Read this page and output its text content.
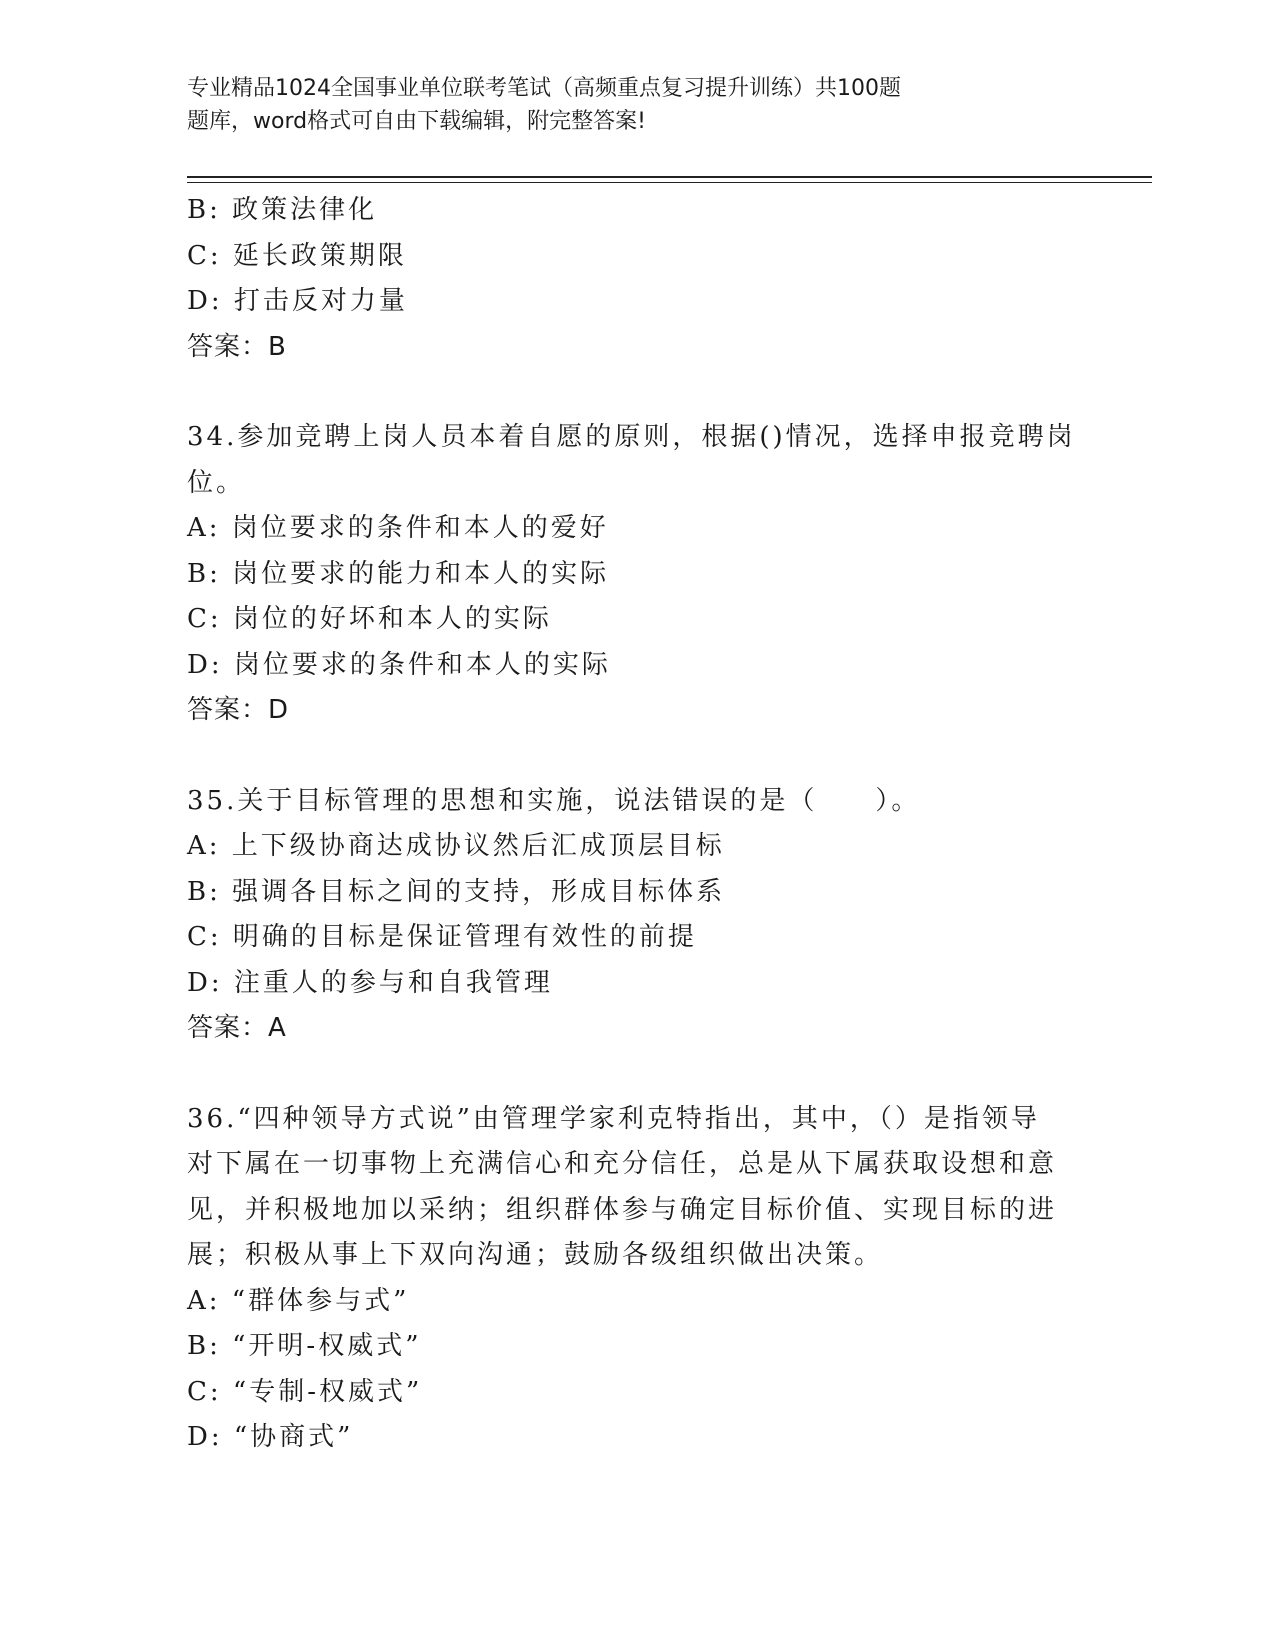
专业精品1024全国事业单位联考笔试（高频重点复习提升训练）共100题
题库，word格式可自由下载编辑，附完整答案!
B: 政策法律化
C: 延长政策期限
D: 打击反对力量
答案：B
34.参加竞聘上岗人员本着自愿的原则，根据()情况，选择申报竞聘岗
位。
A: 岗位要求的条件和本人的爱好
B: 岗位要求的能力和本人的实际
C: 岗位的好坏和本人的实际
D: 岗位要求的条件和本人的实际
答案：D
35.关于目标管理的思想和实施，说法错误的是（　　）。
A: 上下级协商达成协议然后汇成顶层目标
B: 强调各目标之间的支持，形成目标体系
C: 明确的目标是保证管理有效性的前提
D: 注重人的参与和自我管理
答案：A
36.“四种领导方式说”由管理学家利克特指出，其中，（）是指领导
对下属在一切事物上充满信心和充分信任，总是从下属获取设想和意
见，并积极地加以采纳；组织群体参与确定目标价值、实现目标的进
展；积极从事上下双向沟通；鼓励各级组织做出决策。
A: “群体参与式”
B: “开明-权威式”
C: “专制-权威式”
D: “协商式”
